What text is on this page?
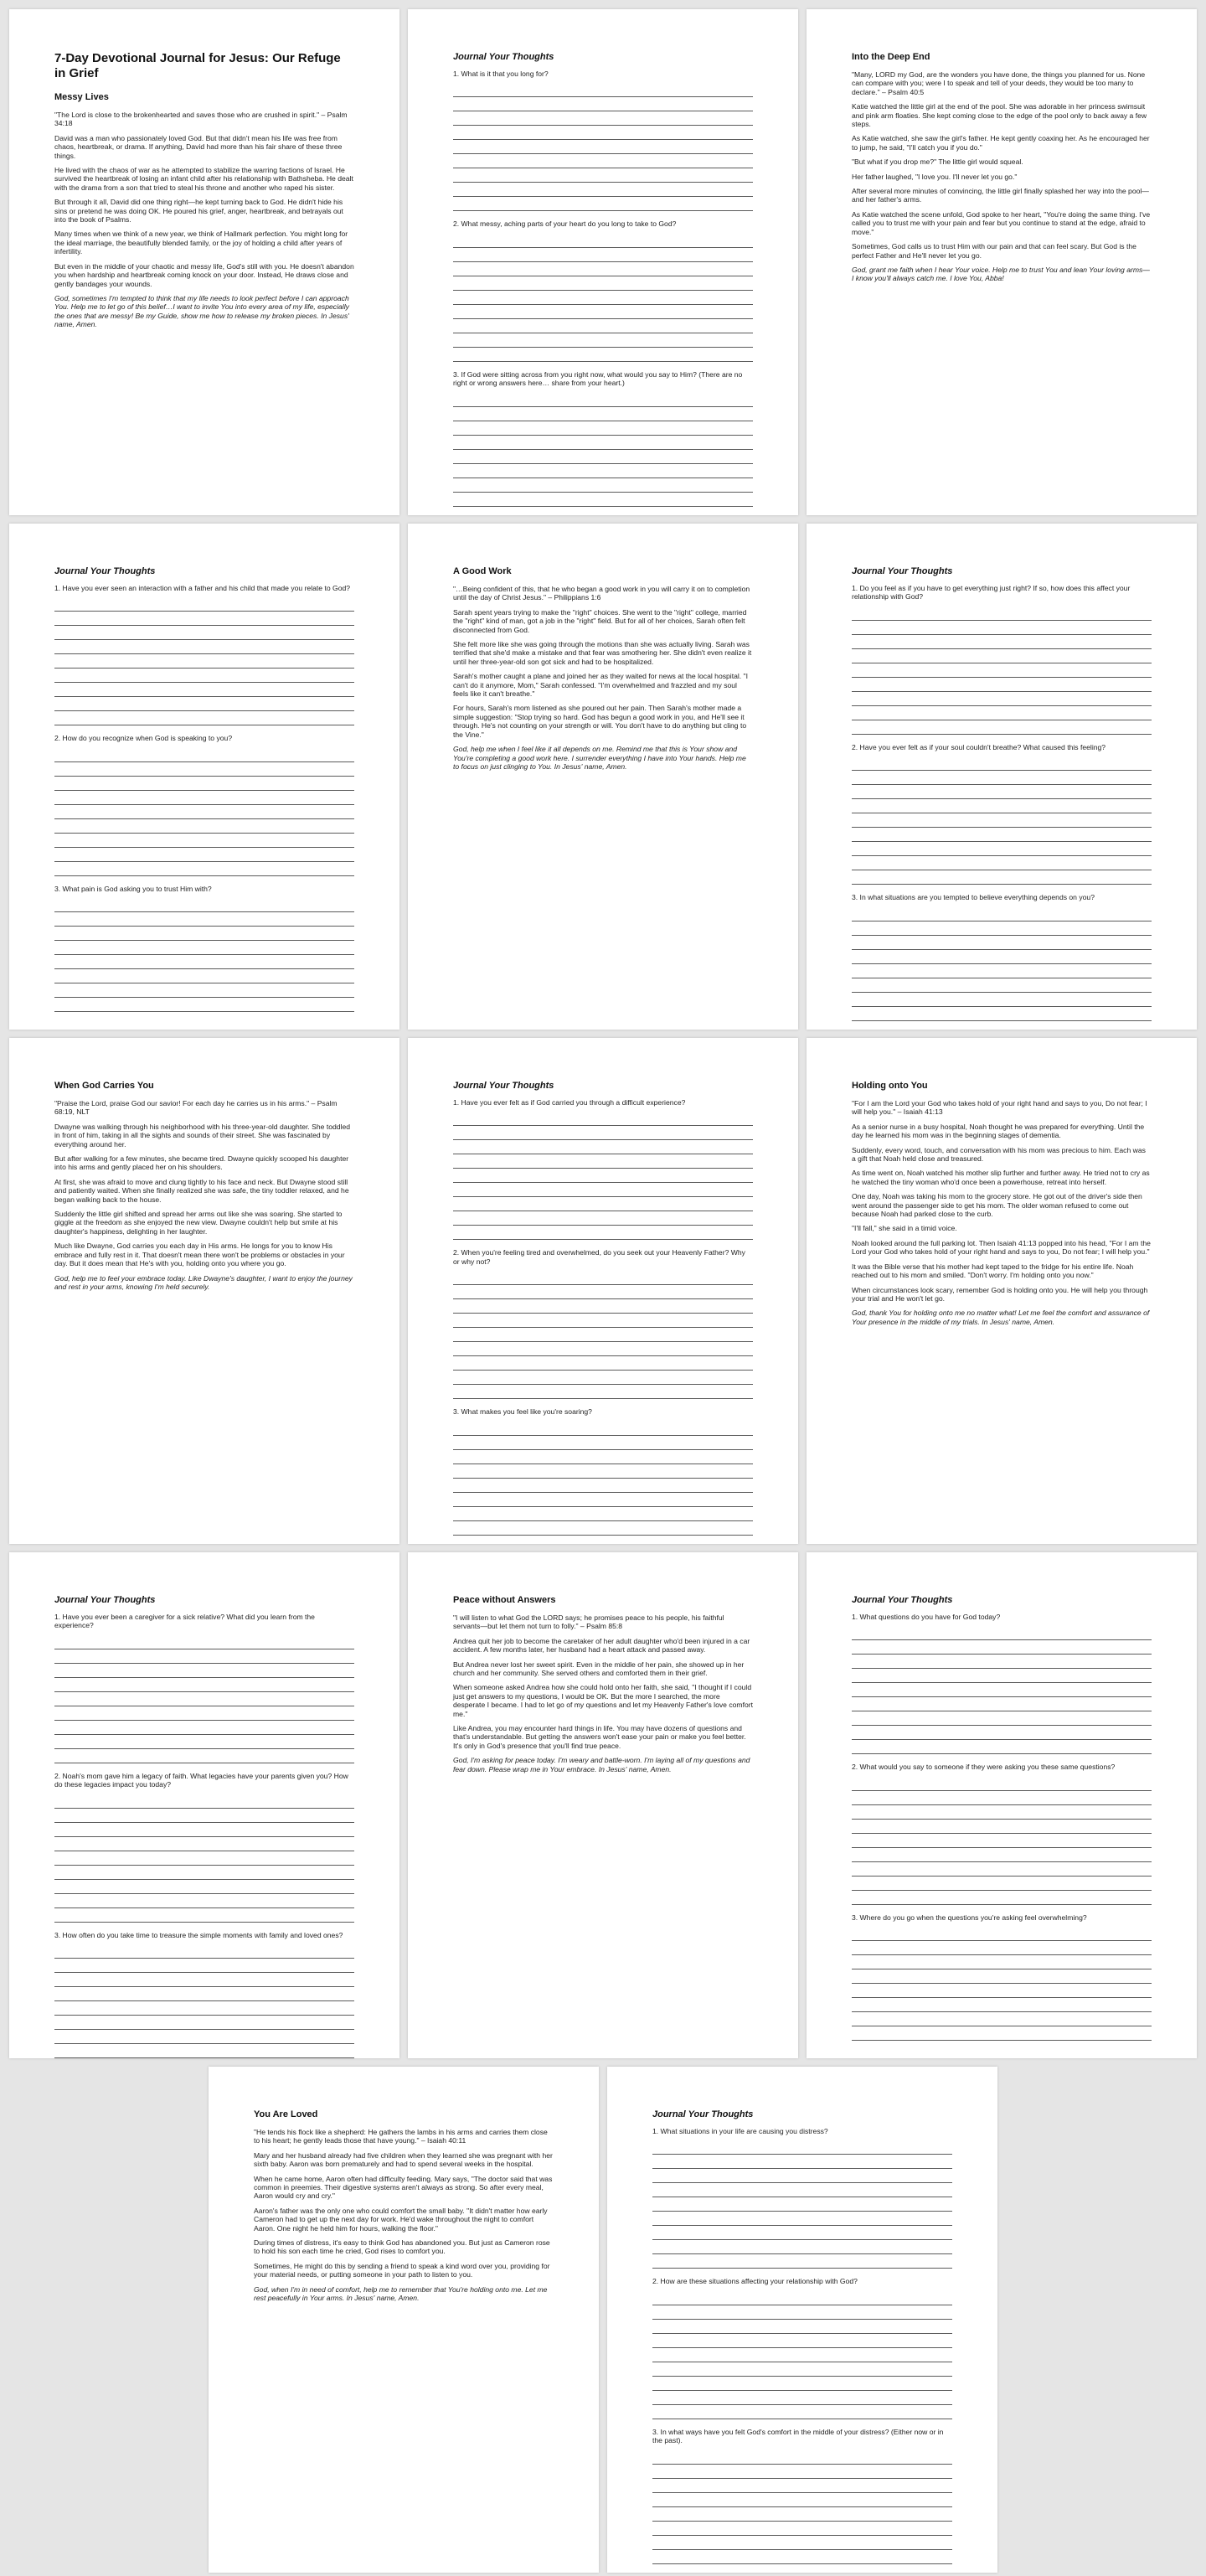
7-Day Devotional Journal for Jesus: Our Refuge in Grief
Messy Lives

"The Lord is close to the brokenhearted and saves those who are crushed in spirit." – Psalm 34:18

David was a man who passionately loved God. But that didn't mean his life was free from chaos, heartbreak, or drama. If anything, David had more than his fair share of these three things.

He lived with the chaos of war as he attempted to stabilize the warring factions of Israel. He survived the heartbreak of losing an infant child after his relationship with Bathsheba. He dealt with the drama from a son that tried to steal his throne and another who raped his sister.

But through it all, David did one thing right—he kept turning back to God. He didn't hide his sins or pretend he was doing OK. He poured his grief, anger, heartbreak, and betrayals out into the book of Psalms.

Many times when we think of a new year, we think of Hallmark perfection. You might long for the ideal marriage, the beautifully blended family, or the joy of holding a child after years of infertility.

But even in the middle of your chaotic and messy life, God's still with you. He doesn't abandon you when hardship and heartbreak coming knock on your door. Instead, He draws close and gently bandages your wounds.

God, sometimes I'm tempted to think that my life needs to look perfect before I can approach You. Help me to let go of this belief…I want to invite You into every area of my life, especially the ones that are messy! Be my Guide, show me how to release my broken pieces. In Jesus' name, Amen.

Journal Your Thoughts
1. What is it that you long for?
2. What messy, aching parts of your heart do you long to take to God?
3. If God were sitting across from you right now, what would you say to Him? (There are no right or wrong answers here… share from your heart.)
Into the Deep End

"Many, LORD my God, are the wonders you have done, the things you planned for us. None can compare with you; were I to speak and tell of your deeds, they would be too many to declare." – Psalm 40:5

Katie watched the little girl at the end of the pool. She was adorable in her princess swimsuit and pink arm floaties. She kept coming close to the edge of the pool only to back away a few steps.

As Katie watched, she saw the girl's father. He kept gently coaxing her. As he encouraged her to jump, he said, "I'll catch you if you do."

"But what if you drop me?" The little girl would squeal.

Her father laughed, "I love you. I'll never let you go."

After several more minutes of convincing, the little girl finally splashed her way into the pool—and her father's arms.

As Katie watched the scene unfold, God spoke to her heart, "You're doing the same thing. I've called you to trust me with your pain and fear but you continue to stand at the edge, afraid to move."

Sometimes, God calls us to trust Him with our pain and that can feel scary. But God is the perfect Father and He'll never let you go.

God, grant me faith when I hear Your voice. Help me to trust You and lean Your loving arms—I know you'll always catch me. I love You, Abba!

Journal Your Thoughts
1. Have you ever seen an interaction with a father and his child that made you relate to God?
2. How do you recognize when God is speaking to you?
3. What pain is God asking you to trust Him with?
A Good Work

"…Being confident of this, that he who began a good work in you will carry it on to completion until the day of Christ Jesus." – Philippians 1:6

Sarah spent years trying to make the "right" choices. She went to the "right" college, married the "right" kind of man, got a job in the "right" field. But for all of her choices, Sarah often felt disconnected from God.

She felt more like she was going through the motions than she was actually living. Sarah was terrified that she'd make a mistake and that fear was smothering her. She didn't even realize it until her three-year-old son got sick and had to be hospitalized.

Sarah's mother caught a plane and joined her as they waited for news at the local hospital. "I can't do it anymore, Mom," Sarah confessed. "I'm overwhelmed and frazzled and my soul feels like it can't breathe."

For hours, Sarah's mom listened as she poured out her pain. Then Sarah's mother made a simple suggestion: "Stop trying so hard. God has begun a good work in you, and He'll see it through. He's not counting on your strength or will. You don't have to do anything but cling to the Vine."

God, help me when I feel like it all depends on me. Remind me that this is Your show and You're completing a good work here. I surrender everything I have into Your hands. Help me to focus on just clinging to You. In Jesus' name, Amen.

Journal Your Thoughts
1. Do you feel as if you have to get everything just right? If so, how does this affect your relationship with God?
2. Have you ever felt as if your soul couldn't breathe? What caused this feeling?
3. In what situations are you tempted to believe everything depends on you?
When God Carries You

"Praise the Lord, praise God our savior! For each day he carries us in his arms." – Psalm 68:19, NLT

Dwayne was walking through his neighborhood with his three-year-old daughter. She toddled in front of him, taking in all the sights and sounds of their street. She was fascinated by everything around her.

But after walking for a few minutes, she became tired. Dwayne quickly scooped his daughter into his arms and gently placed her on his shoulders.

At first, she was afraid to move and clung tightly to his face and neck. But Dwayne stood still and patiently waited. When she finally realized she was safe, the tiny toddler relaxed, and he began walking back to the house.

Suddenly the little girl shifted and spread her arms out like she was soaring. She started to giggle at the freedom as she enjoyed the new view. Dwayne couldn't help but smile at his daughter's happiness, delighting in her laughter.

Much like Dwayne, God carries you each day in His arms. He longs for you to know His embrace and fully rest in it. That doesn't mean there won't be problems or obstacles in your day. But it does mean that He's with you, holding onto you where you go.

God, help me to feel your embrace today. Like Dwayne's daughter, I want to enjoy the journey and rest in your arms, knowing I'm held securely.

Journal Your Thoughts
1. Have you ever felt as if God carried you through a difficult experience?
2. When you're feeling tired and overwhelmed, do you seek out your Heavenly Father? Why or why not?
3. What makes you feel like you're soaring?
Holding onto You

"For I am the Lord your God who takes hold of your right hand and says to you, Do not fear; I will help you." – Isaiah 41:13

As a senior nurse in a busy hospital, Noah thought he was prepared for everything. Until the day he learned his mom was in the beginning stages of dementia.

Suddenly, every word, touch, and conversation with his mom was precious to him. Each was a gift that Noah held close and treasured.

As time went on, Noah watched his mother slip further and further away. He tried not to cry as he watched the tiny woman who'd once been a powerhouse, retreat into herself.

One day, Noah was taking his mom to the grocery store. He got out of the driver's side then went around the passenger side to get his mom. The older woman refused to come out because Noah had parked close to the curb.

"I'll fall," she said in a timid voice.

Noah looked around the full parking lot. Then Isaiah 41:13 popped into his head, "For I am the Lord your God who takes hold of your right hand and says to you, Do not fear; I will help you."

It was the Bible verse that his mother had kept taped to the fridge for his entire life. Noah reached out to his mom and smiled. "Don't worry. I'm holding onto you now."

When circumstances look scary, remember God is holding onto you. He will help you through your trial and He won't let go.

God, thank You for holding onto me no matter what! Let me feel the comfort and assurance of Your presence in the middle of my trials. In Jesus' name, Amen.

Journal Your Thoughts
1. Have you ever been a caregiver for a sick relative? What did you learn from the experience?
2. Noah's mom gave him a legacy of faith. What legacies have your parents given you? How do these legacies impact you today?
3. How often do you take time to treasure the simple moments with family and loved ones?
Peace without Answers

"I will listen to what God the LORD says; he promises peace to his people, his faithful servants—but let them not turn to folly." – Psalm 85:8

Andrea quit her job to become the caretaker of her adult daughter who'd been injured in a car accident. A few months later, her husband had a heart attack and passed away.

But Andrea never lost her sweet spirit. Even in the middle of her pain, she showed up in her church and her community. She served others and comforted them in their grief.

When someone asked Andrea how she could hold onto her faith, she said, "I thought if I could just get answers to my questions, I would be OK. But the more I searched, the more desperate I became. I had to let go of my questions and let my Heavenly Father's love comfort me."

Like Andrea, you may encounter hard things in life. You may have dozens of questions and that's understandable. But getting the answers won't ease your pain or make you feel better. It's only in God's presence that you'll find true peace.

God, I'm asking for peace today. I'm weary and battle-worn. I'm laying all of my questions and fear down. Please wrap me in Your embrace. In Jesus' name, Amen.

Journal Your Thoughts
1. What questions do you have for God today?
2. What would you say to someone if they were asking you these same questions?
3. Where do you go when the questions you're asking feel overwhelming?
You Are Loved

"He tends his flock like a shepherd: He gathers the lambs in his arms and carries them close to his heart; he gently leads those that have young." – Isaiah 40:11

Mary and her husband already had five children when they learned she was pregnant with her sixth baby. Aaron was born prematurely and had to spend several weeks in the hospital.

When he came home, Aaron often had difficulty feeding. Mary says, "The doctor said that was common in preemies. Their digestive systems aren't always as strong. So after every meal, Aaron would cry and cry."

Aaron's father was the only one who could comfort the small baby. "It didn't matter how early Cameron had to get up the next day for work. He'd wake throughout the night to comfort Aaron. One night he held him for hours, walking the floor."

During times of distress, it's easy to think God has abandoned you. But just as Cameron rose to hold his son each time he cried, God rises to comfort you.

Sometimes, He might do this by sending a friend to speak a kind word over you, providing for your material needs, or putting someone in your path to listen to you.

God, when I'm in need of comfort, help me to remember that You're holding onto me. Let me rest peacefully in Your arms. In Jesus' name, Amen.

Journal Your Thoughts
1. What situations in your life are causing you distress?
2. How are these situations affecting your relationship with God?
3. In what ways have you felt God's comfort in the middle of your distress? (Either now or in the past).
